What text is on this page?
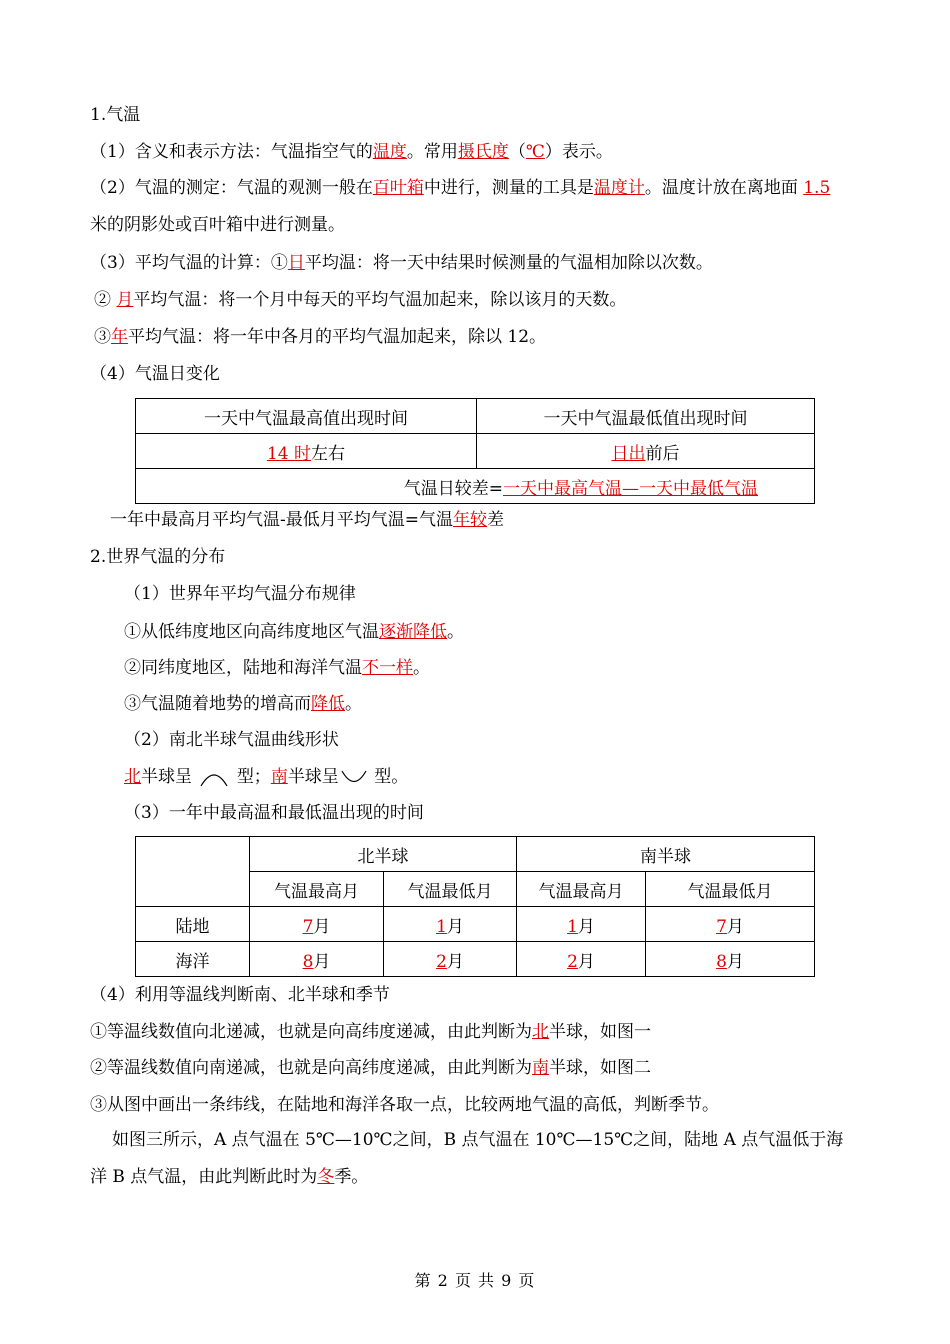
1.气温
（1）含义和表示方法：气温指空气的温度。常用摄氏度（℃）表示。
（2）气温的测定：气温的观测一般在百叶箱中进行，测量的工具是温度计。温度计放在离地面 1.5 米的阴影处或百叶箱中进行测量。
（3）平均气温的计算：①日平均温：将一天中结果时候测量的气温相加除以次数。
② 月平均气温：将一个月中每天的平均气温加起来，除以该月的天数。
③年平均气温：将一年中各月的平均气温加起来，除以 12。
（4）气温日变化
一天中气温最高值出现时间	一天中气温最低值出现时间
14 时左右	日出前后
气温日较差=一天中最高气温—一天中最低气温	
一年中最高月平均气温-最低月平均气温=气温年较差
2.世界气温的分布
（1）世界年平均气温分布规律
①从低纬度地区向高纬度地区气温逐渐降低。
②同纬度地区，陆地和海洋气温不一样。
③气温随着地势的增高而降低。
（2）南北半球气温曲线形状
北半球呈	型；南半球呈 型。
（3）一年中最高温和最低温出现的时间
	北半球		南半球	
	气温最高月	气温最低月	气温最高月	气温最低月
陆地	7月	1月	1月	7月
海洋	8月	2月	2月	8月
（4）利用等温线判断南、北半球和季节
①等温线数值向北递减，也就是向高纬度递减，由此判断为北半球，如图一
②等温线数值向南递减，也就是向高纬度递减，由此判断为南半球，如图二
③从图中画出一条纬线，在陆地和海洋各取一点，比较两地气温的高低，判断季节。
如图三所示，A 点气温在 5℃—10℃之间，B 点气温在 10℃—15℃之间，陆地 A 点气温低于海洋 B 点气温，由此判断此时为冬季。
第 2 页 共 9 页
